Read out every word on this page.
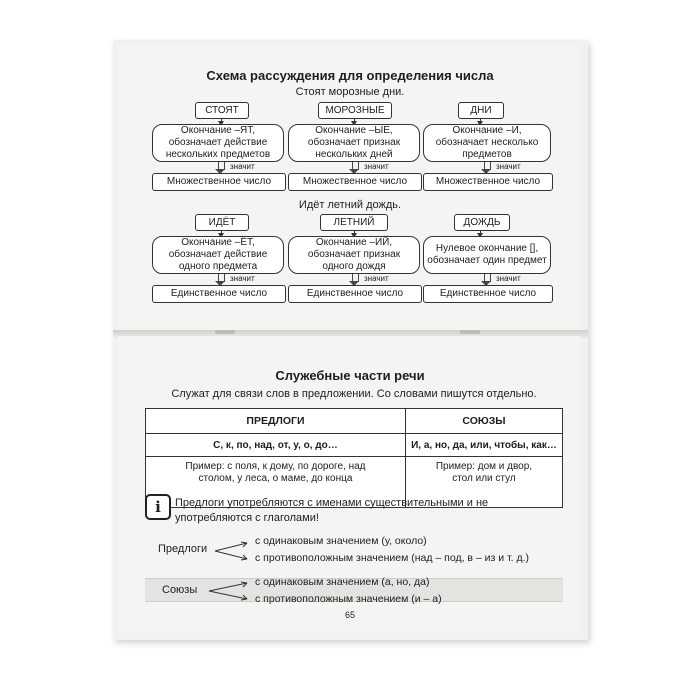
Схема рассуждения для определения числа
Стоят морозные дни.
СТОЯТ
Окончание –ЯТ, обозначает действие нескольких предметов
значит
Множественное число
МОРОЗНЫЕ
Окончание –ЫЕ, обозначает признак нескольких дней
значит
Множественное число
ДНИ
Окончание –И, обозначает несколько предметов
значит
Множественное число
Идёт летний дождь.
ИДЁТ
Окончание –ЁТ, обозначает действие одного предмета
значит
Единственное число
ЛЕТНИЙ
Окончание –ИЙ, обозначает признак одного дождя
значит
Единственное число
ДОЖДЬ
Нулевое окончание [], обозначает один предмет
значит
Единственное число
Служебные части речи
Служат для связи слов в предложении. Со словами пишутся отдельно.
ПРЕДЛОГИ	СОЮЗЫ
С, к, по, над, от, у, о, до…	И, а, но, да, или, чтобы, как…
Пример: с поля, к дому, по дороге, над столом, у леса, о маме, до конца	Пример: дом и двор, стол или стул
i	Предлоги употребляются с именами существительными и не употребляются с глаголами!
Предлоги
с одинаковым значением (у, около)
с противоположным значением (над – под, в – из и т. д.)
Союзы
с одинаковым значением (а, но, да)
с противоположным значением (и – а)
65
